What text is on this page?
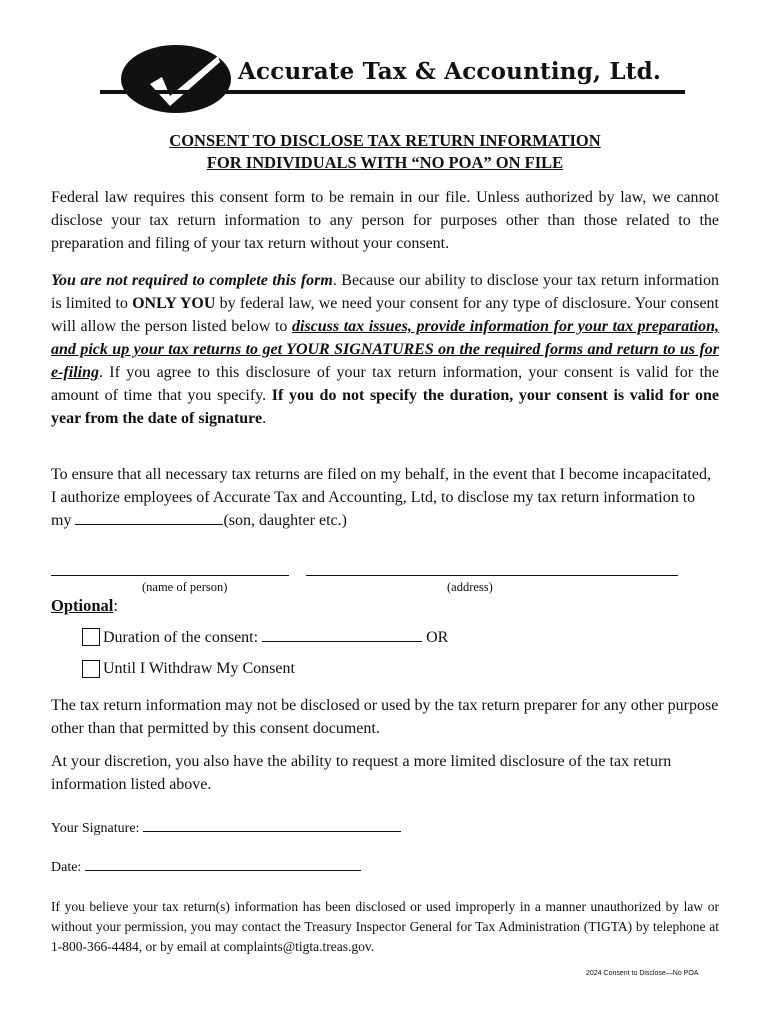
Accurate Tax & Accounting, Ltd.
CONSENT TO DISCLOSE TAX RETURN INFORMATION
FOR INDIVIDUALS WITH “NO POA” ON FILE
Federal law requires this consent form to be remain in our file. Unless authorized by law, we cannot disclose your tax return information to any person for purposes other than those related to the preparation and filing of your tax return without your consent.
You are not required to complete this form. Because our ability to disclose your tax return information is limited to ONLY YOU by federal law, we need your consent for any type of disclosure. Your consent will allow the person listed below to discuss tax issues, provide information for your tax preparation, and pick up your tax returns to get YOUR SIGNATURES on the required forms and return to us for e-filing. If you agree to this disclosure of your tax return information, your consent is valid for the amount of time that you specify. If you do not specify the duration, your consent is valid for one year from the date of signature.
To ensure that all necessary tax returns are filed on my behalf, in the event that I become incapacitated, I authorize employees of Accurate Tax and Accounting, Ltd, to disclose my tax return information to my	(son, daughter etc.)
(name of person)	(address)
Optional:
Duration of the consent:	OR
Until I Withdraw My Consent
The tax return information may not be disclosed or used by the tax return preparer for any other purpose other than that permitted by this consent document.
At your discretion, you also have the ability to request a more limited disclosure of the tax return information listed above.
Your Signature:
Date:
If you believe your tax return(s) information has been disclosed or used improperly in a manner unauthorized by law or without your permission, you may contact the Treasury Inspector General for Tax Administration (TIGTA) by telephone at 1-800-366-4484, or by email at complaints@tigta.treas.gov.
2024 Consent to Disclose—No POA
